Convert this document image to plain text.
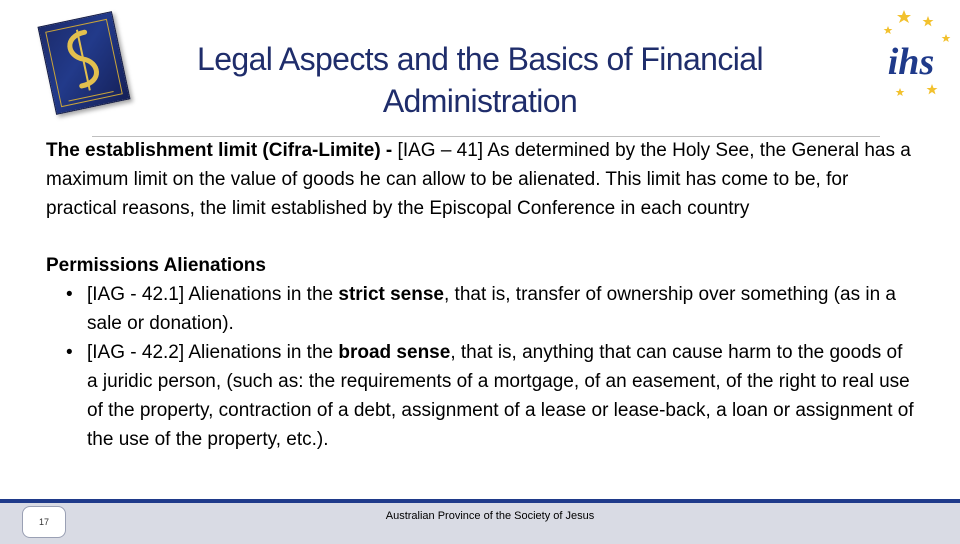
Legal Aspects and the Basics of Financial
Administration
ihs

The establishment limit (Cifra-Limite) - [IAG – 41] As determined by the Holy See, the General has a maximum limit on the value of goods he can allow to be alienated. This limit has come to be, for practical reasons, the limit established by the Episcopal Conference in each country

Permissions Alienations

• [IAG - 42.1] Alienations in the strict sense, that is, transfer of ownership over something (as in a sale or donation).
• [IAG - 42.2] Alienations in the broad sense, that is, anything that can cause harm to the goods of a juridic person, (such as: the requirements of a mortgage, of an easement, of the right to real use of the property, contraction of a debt, assignment of a lease or lease-back, a loan or assignment of the use of the property, etc.).
17	Australian Province of the Society of Jesus
